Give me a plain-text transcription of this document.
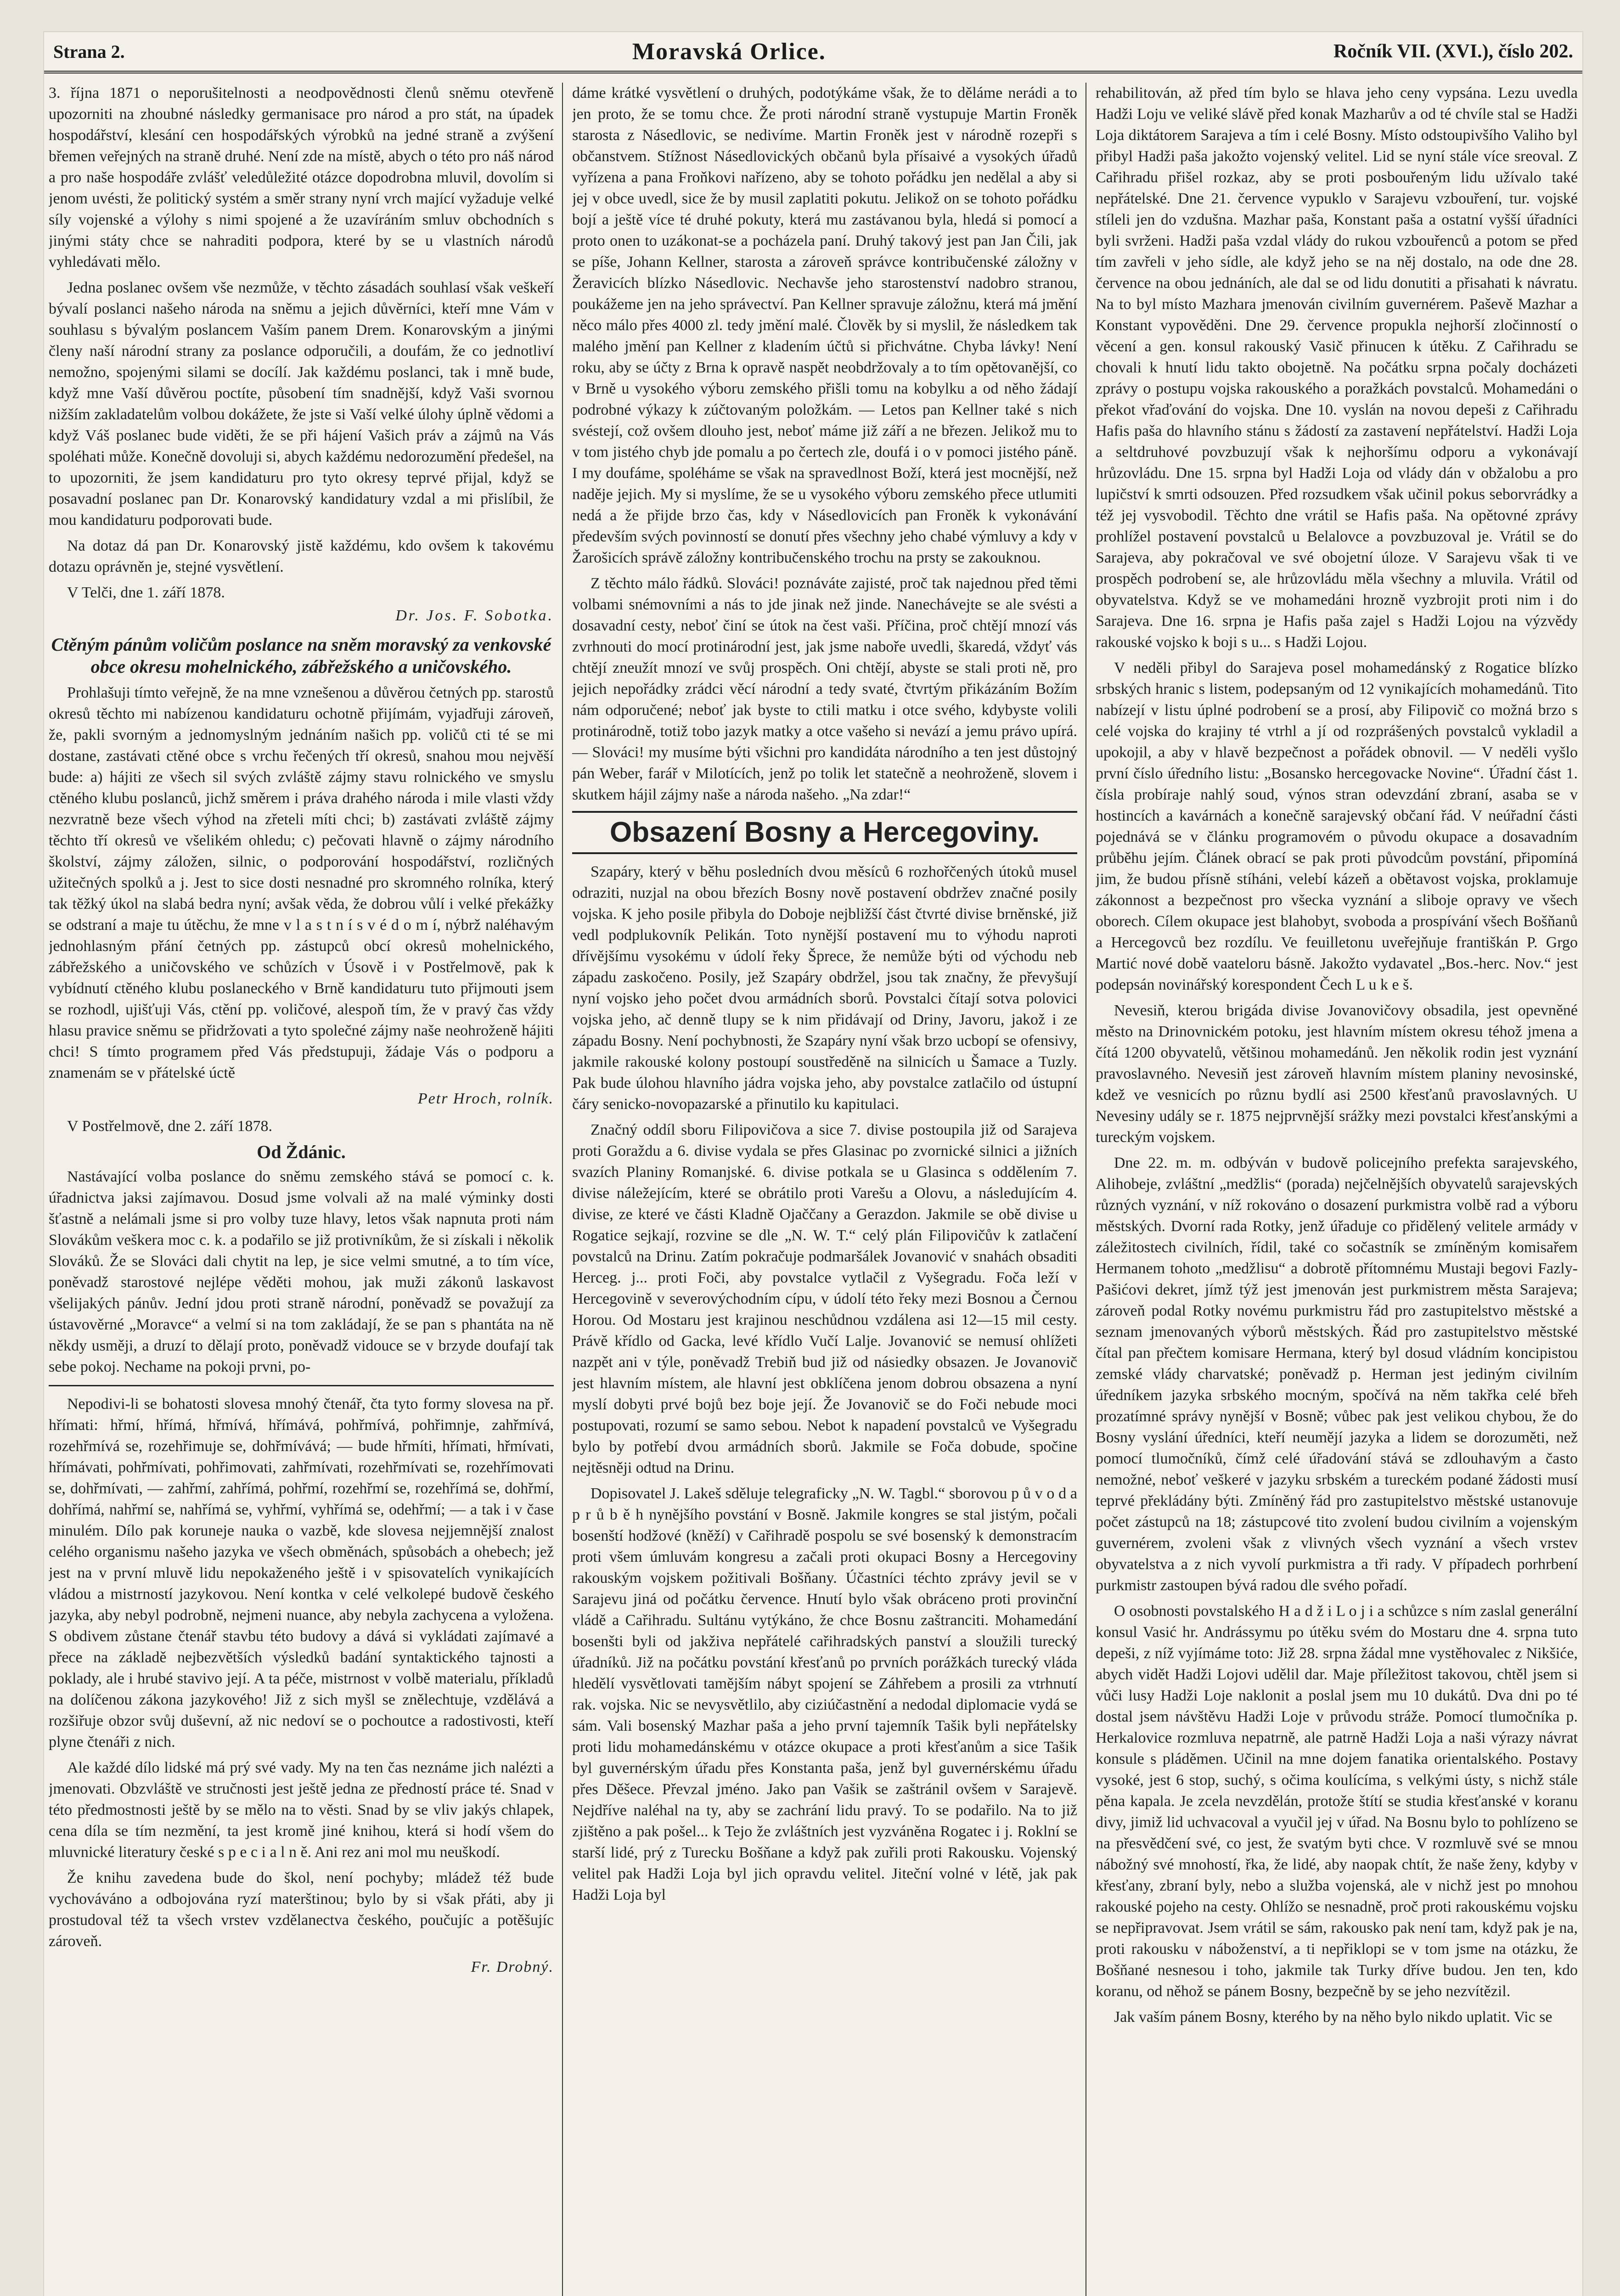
Strana 2.	Moravská Orlice.	Ročník VII. (XVI.), číslo 202.

3. října 1871 o neporušitelnosti a neodpovědnosti členů sněmu otevřeně upozorniti na zhoubné následky germanisace pro národ a pro stát, na úpadek hospodářství, klesání cen hospodářských výrobků na jedné straně a zvýšení břemen veřejných na straně druhé. Není zde na místě, abych o této pro náš národ a pro naše hospodáře zvlášť veledůležité otázce dopodrobna mluvil, dovolím si jenom uvésti, že politický systém a směr strany nyní vrch mající vyžaduje velké síly vojenské a výlohy s nimi spojené a že uzavíráním smluv obchodních s jinými státy chce se nahraditi podpora, které by se u vlastních národů vyhledávati mělo.

Jedna poslanec ovšem vše nezmůže, v těchto zásadách souhlasí však veškeří bývalí poslanci našeho národa na sněmu a jejich důvěrníci, kteří mne Vám v souhlasu s bývalým poslancem Vaším panem Drem. Konarovským a jinými členy naší národní strany za poslance odporučili, a doufám, že co jednotliví nemožno, spojenými silami se docílí. Jak každému poslanci, tak i mně bude, když mne Vaší důvěrou poctíte, působení tím snadnější, když Vaši svornou nižším zakladatelům volbou dokážete, že jste si Vaší velké úlohy úplně vědomi a když Váš poslanec bude viděti, že se při hájení Vašich práv a zájmů na Vás spoléhati může. Konečně dovoluji si, abych každému nedorozumění předešel, na to upozorniti, že jsem kandidaturu pro tyto okresy teprvé přijal, když se posavadní poslanec pan Dr. Konarovský kandidatury vzdal a mi přislíbil, že mou kandidaturu podporovati bude.

Na dotaz dá pan Dr. Konarovský jistě každému, kdo ovšem k takovému dotazu oprávněn je, stejné vysvětlení.

V Telči, dne 1. září 1878.

Dr. Jos. F. Sobotka.

Ctěným pánům voličům poslance na sněm moravský za venkovské obce okresu mohelnického, zábřežského a uničovského.

Prohlašuji tímto veřejně, že na mne vznešenou a důvěrou četných pp. starostů okresů těchto mi nabízenou kandidaturu ochotně přijímám, vyjadřuji zároveň, že, pakli svorným a jednomyslným jednáním našich pp. voličů cti té se mi dostane, zastávati ctěné obce s vrchu řečených tří okresů, snahou mou nejvěší bude: a) hájiti ze všech sil svých zvláště zájmy stavu rolnického ve smyslu ctěného klubu poslanců, jichž směrem i práva drahého národa i mile vlasti vždy nezvratně beze všech výhod na zřeteli míti chci; b) zastávati zvláště zájmy těchto tří okresů ve všelikém ohledu; c) pečovati hlavně o zájmy národního školství, zájmy záložen, silnic, o podporování hospodářství, rozličných užitečných spolků a j. Jest to sice dosti nesnadné pro skromného rolníka, který tak těžký úkol na slabá bedra nyní; avšak věda, že dobrou vůlí i velké překážky se odstraní a maje tu útěchu, že mne v l a s t n í s v é d o m í, nýbrž naléhavým jednohlasným přání četných pp. zástupců obcí okresů mohelnického, zábřežského a uničovského ve schůzích v Úsově i v Postřelmově, pak k vybídnutí ctěného klubu poslaneckého v Brně kandidaturu tuto přijmouti jsem se rozhodl, ujišťuji Vás, ctění pp. voličové, alespoň tím, že v pravý čas vždy hlasu pravice sněmu se přidržovati a tyto společné zájmy naše neohroženě hájiti chci! S tímto programem před Vás předstupuji, žádaje Vás o podporu a znamenám se v přátelské úctě

Petr Hroch, rolník.

V Postřelmově, dne 2. září 1878.

Od Ždánic.

Nastávající volba poslance do sněmu zemského stává se pomocí c. k. úřadnictva jaksi zajímavou. Dosud jsme volvali až na malé výminky dosti šťastně a nelámali jsme si pro volby tuze hlavy, letos však napnuta proti nám Slovákům veškera moc c. k. a podařilo se již protivníkům, že si získali i několik Slováků. Že se Slováci dali chytit na lep, je sice velmi smutné, a to tím více, poněvadž starostové nejlépe věděti mohou, jak muži zákonů laskavost všelijakých pánův. Jední jdou proti straně národní, poněvadž se považují za ústavověrné „Moravce“ a velmí si na tom zakládají, že se pan s phantáta na ně někdy usměji, a druzí to dělají proto, poněvadž vidouce se v brzyde doufají tak sebe pokoj. Nechame na pokoji prvni, po-

Nepodivi-li se bohatosti slovesa mnohý čtenář, čta tyto formy slovesa na př. hřímati: hřmí, hřímá, hřmívá, hřímává, pohřmívá, pohřimnje, zahřmívá, rozehřmívá se, rozehřimuje se, dohřmívává; — bude hřmíti, hřímati, hřmívati, hřímávati, pohřmívati, pohřimovati, zahřmívati, rozehřmívati se, rozehřímovati se, dohřmívati, — zahřmí, zahřímá, pohřmí, rozehřmí se, rozehřímá se, dohřmí, dohřímá, nahřmí se, nahřímá se, vyhřmí, vyhřímá se, odehřmí; — a tak i v čase minulém. Dílo pak koruneje nauka o vazbě, kde slovesa nejjemnější znalost celého organismu našeho jazyka ve všech obměnách, spůsobách a ohebech; jež jest na v první mluvě lidu nepokaženého ještě i v spisovatelích vynikajících vládou a mistrností jazykovou. Není kontka v celé velkolepé budově českého jazyka, aby nebyl podrobně, nejmeni nuance, aby nebyla zachycena a vyložena. S obdivem zůstane čtenář stavbu této budovy a dává si vykládati zajímavé a přece na základě nejbezvětších výsledků badání syntaktického tajnosti a poklady, ale i hrubé stavivo její. A ta péče, mistrnost v volbě materialu, příkladů na dolíčenou zákona jazykového! Již z sich myšl se znělechtuje, vzdělává a rozšiřuje obzor svůj duševní, až nic nedoví se o pochoutce a radostivosti, kteří plyne čtenáři z nich.

Ale každé dílo lidské má prý své vady. My na ten čas neznáme jich nalézti a jmenovati. Obzvláště ve stručnosti jest ještě jedna ze předností práce té. Snad v této předmostnosti ještě by se mělo na to věsti. Snad by se vliv jakýs chlapek, cena díla se tím nezmění, ta jest kromě jiné knihou, která si hodí všem do mluvnické literatury české s p e c i a l n ě. Ani rez ani mol mu neuškodí.

Že knihu zavedena bude do škol, není pochyby; mládež též bude vychováváno a odbojována ryzí materštinou; bylo by si však přáti, aby ji prostudoval též ta všech vrstev vzdělanectva českého, poučujíc a potěšujíc zároveň.

Fr. Drobný.

dáme krátké vysvětlení o druhých, podotýkáme však, že to děláme nerádi a to jen proto, že se tomu chce. Že proti národní straně vystupuje Martin Froněk starosta z Násedlovic, se nedivíme. Martin Froněk jest v národně rozepři s občanstvem. Stížnost Násedlovických občanů byla přísaivé a vysokých úřadů vyřízena a pana Froňkovi nařízeno, aby se tohoto pořádku jen nedělal a aby si jej v obce uvedl, sice že by musil zaplatiti pokutu. Jelikož on se tohoto pořádku bojí a ještě více té druhé pokuty, která mu zastávanou byla, hledá si pomocí a proto onen to uzákonat-se a pocházela paní. Druhý takový jest pan Jan Čili, jak se píše, Johann Kellner, starosta a zároveň správce kontribučenské záložny v Žeravicích blízko Násedlovic. Nechavše jeho starostenství nadobro stranou, poukážeme jen na jeho správectví. Pan Kellner spravuje záložnu, která má jmění něco málo přes 4000 zl. tedy jmění malé. Člověk by si myslil, že následkem tak malého jmění pan Kellner z kladením účtů si přichvátne. Chyba lávky! Není roku, aby se účty z Brna k opravě naspět neobdržovaly a to tím opětovanější, co v Brně u vysokého výboru zemského přišli tomu na kobylku a od něho žádají podrobné výkazy k zúčtovaným položkám. — Letos pan Kellner také s nich svéstejí, což ovšem dlouho jest, neboť máme již září a ne březen. Jelikož mu to v tom jistého chyb jde pomalu a po čertech zle, doufá i o v pomoci jistého páně. I my doufáme, spoléháme se však na spravedlnost Boží, která jest mocnější, než naděje jejich. My si myslíme, že se u vysokého výboru zemského přece utlumiti nedá a že přijde brzo čas, kdy v Násedlovicích pan Froněk k vykonávání především svých povinností se donutí přes všechny jeho chabé výmluvy a kdy v Žarošicích správě záložny kontribučenského trochu na prsty se zakouknou.

Z těchto málo řádků. Slováci! poznáváte zajisté, proč tak najednou před těmi volbami snémovními a nás to jde jinak než jinde. Nanechávejte se ale svésti a dosavadní cesty, neboť činí se útok na čest vaši. Příčina, proč chtějí mnozí vás zvrhnouti do mocí protinárodní jest, jak jsme naboře uvedli, škaredá, vždyť vás chtějí zneužít mnozí ve svůj prospěch. Oni chtějí, abyste se stali proti ně, pro jejich nepořádky zrádci věcí národní a tedy svaté, čtvrtým přikázáním Božím nám odporučené; neboť jak byste to ctili matku i otce svého, kdybyste volili protinárodně, totiž tobo jazyk matky a otce vašeho si nevází a jemu právo upírá. — Slováci! my musíme býti všichni pro kandidáta národního a ten jest důstojný pán Weber, farář v Milotících, jenž po tolik let statečně a neohroženě, slovem i skutkem hájil zájmy naše a národa našeho. „Na zdar!“

Obsazení Bosny a Hercegoviny.

Szapáry, který v běhu posledních dvou měsíců 6 rozhořčených útoků musel odraziti, nuzjal na obou březích Bosny nově postavení obdržev značné posily vojska. K jeho posile přibyla do Doboje nejbližší část čtvrté divise brněnské, již vedl podplukovník Pelikán. Toto nynější postavení mu to výhodu naproti dřívějšímu vysokému v údolí řeky Šprece, že nemůže býti od východu neb západu zaskočeno. Posily, jež Szapáry obdržel, jsou tak značny, že převyšují nyní vojsko jeho počet dvou armádních sborů. Povstalci čítají sotva polovici vojska jeho, ač denně tlupy se k nim přidávají od Driny, Javoru, jakož i ze západu Bosny. Není pochybnosti, že Szapáry nyní však brzo ucbopí se ofensivy, jakmile rakouské kolony postoupí soustředěně na silnicích u Šamace a Tuzly. Pak bude úlohou hlavního jádra vojska jeho, aby povstalce zatlačilo od ústupní čáry senicko-novopazarské a přinutilo ku kapitulaci.

Značný oddíl sboru Filipovičova a sice 7. divise postoupila již od Sarajeva proti Goraždu a 6. divise vydala se přes Glasinac po zvornické silnici a jižních svazích Planiny Romanjské. 6. divise potkala se u Glasinca s oddělením 7. divise náležejícím, které se obrátilo proti Varešu a Olovu, a následujícím 4. divise, ze které ve části Kladně Ojaččany a Gerazdon. Jakmile se obě divise u Rogatice sejkají, rozvine se dle „N. W. T.“ celý plán Filipovičův k zatlačení povstalců na Drinu. Zatím pokračuje podmaršálek Jovanović v snahách obsaditi Herceg. j... proti Foči, aby povstalce vytlačil z Vyšegradu. Foča leží v Hercegovině v severovýchodním cípu, v údolí této řeky mezi Bosnou a Černou Horou. Od Mostaru jest krajinou neschůdnou vzdálena asi 12—15 mil cesty. Právě křídlo od Gacka, levé křídlo Vučí Lalje. Jovanović se nemusí ohlížeti nazpět ani v týle, poněvadž Trebiň bud již od násiedky obsazen. Je Jovanovič jest hlavním místem, ale hlavní jest obklíčena jenom dobrou obsazena a nyní myslí dobyti prvé bojů bez boje její. Že Jovanovič se do Foči nebude moci postupovati, rozumí se samo sebou. Nebot k napadení povstalců ve Vyšegradu bylo by potřebí dvou armádních sborů. Jakmile se Foča dobude, spočine nejtěsněji odtud na Drinu.

Dopisovatel J. Lakeš sděluje telegraficky „N. W. Tagbl.“ sborovou p ů v o d a p r ů b ě h nynějšího povstání v Bosně. Jakmile kongres se stal jistým, počali bosenští hodžové (kněží) v Cařihradě pospolu se své bosenský k demonstracím proti všem úmluvám kongresu a začali proti okupaci Bosny a Hercegoviny rakouským vojskem požitivali Bošňany. Účastníci téchto zprávy jevil se v Sarajevu jiná od počátku července. Hnutí bylo však obráceno proti provinční vládě a Cařihradu. Sultánu vytýkáno, že chce Bosnu zaštranciti. Mohamedání bosenšti byli od jakživa nepřátelé cařihradských panství a sloužili turecký úřadníků. Již na počátku povstání křesťanů po prvních porážkách turecký vláda hledělí vysvětlovati tamějším nábyt spojení se Záhřebem a prosili za vtrhnutí rak. vojska. Nic se nevysvětlilo, aby ciziúčastnění a nedodal diplomacie vydá se sám. Vali bosenský Mazhar paša a jeho první tajemník Tašik byli nepřátelsky proti lidu mohamedánskému v otázce okupace a proti křesťanům a sice Tašik byl guvernérským úřadu přes Konstanta paša, jenž byl guvernérskému úřadu přes Děšece. Převzal jméno. Jako pan Vašik se zaštránil ovšem v Sarajevě. Nejdříve naléhal na ty, aby se zachrání lidu pravý. To se podařilo. Na to již zjištěno a pak pošel... k Tejo že zvláštních jest vyzváněna Rogatec i j. Roklní se starší lidé, prý z Turecku Bošňane a když pak zuřili proti Rakousku. Vojenský velitel pak Hadži Loja byl jich opravdu velitel. Jiteční volné v létě, jak pak Hadži Loja byl

rehabilitován, až před tím bylo se hlava jeho ceny vypsána. Lezu uvedla Hadži Loju ve veliké slávě před konak Mazharův a od té chvíle stal se Hadži Loja diktátorem Sarajeva a tím i celé Bosny. Místo odstoupivšího Valiho byl přibyl Hadži paša jakožto vojenský velitel. Lid se nyní stále více sreoval. Z Cařihradu přišel rozkaz, aby se proti posbouřeným lidu užívalo také nepřátelské. Dne 21. července vypuklo v Sarajevu vzbouření, tur. vojské stíleli jen do vzdušna. Mazhar paša, Konstant paša a ostatní vyšší úřadníci byli svrženi. Hadži paša vzdal vlády do rukou vzbouřenců a potom se před tím zavřeli v jeho sídle, ale když jeho se na něj dostalo, na ode dne 28. července na obou jednáních, ale dal se od lidu donutiti a přisahati k návratu. Na to byl místo Mazhara jmenován civilním guvernérem. Paševě Mazhar a Konstant vypověděni. Dne 29. července propukla nejhorší zločinností o věcení a gen. konsul rakouský Vasič přinucen k útěku. Z Cařihradu se chovali k hnutí lidu takto obojetně. Na počátku srpna počaly docházeti zprávy o postupu vojska rakouského a poražkách povstalců. Mohamedáni o překot vřaďování do vojska. Dne 10. vyslán na novou depeši z Cařihradu Hafis paša do hlavního stánu s žádostí za zastavení nepřátelství. Hadži Loja a seltdruhové povzbuzují však k nejhoršímu odporu a vykonávají hrůzovládu. Dne 15. srpna byl Hadži Loja od vlády dán v obžalobu a pro lupičství k smrti odsouzen. Před rozsudkem však učinil pokus seborvrádky a též jej vysvobodil. Těchto dne vrátil se Hafis paša. Na opětovné zprávy prohlížel postavení povstalců u Belalovce a povzbuzoval je. Vrátil se do Sarajeva, aby pokračoval ve své obojetní úloze. V Sarajevu však ti ve prospěch podrobení se, ale hrůzovládu měla všechny a mluvila. Vrátil od obyvatelstva. Když se ve mohamedáni hrozně vyzbrojit proti nim i do Sarajeva. Dne 16. srpna je Hafis paša zajel s Hadži Lojou na výzvědy rakouské vojsko k boji s u... s Hadži Lojou.

V neděli přibyl do Sarajeva posel mohamedánský z Rogatice blízko srbských hranic s listem, podepsaným od 12 vynikajících mohamedánů. Tito nabízejí v listu úplné podrobení se a prosí, aby Filipovič co možná brzo s celé vojska do krajiny té vtrhl a jí od rozprášených povstalců vykladil a upokojil, a aby v hlavě bezpečnost a pořádek obnovil. — V neděli vyšlo první číslo úředního listu: „Bosansko hercegovacke Novine“. Úřadní část 1. čísla probíraje nahlý soud, výnos stran odevzdání zbraní, asaba se v hostincích a kavárnách a konečně sarajevský občaní řád. V neúřadní části pojednává se v článku programovém o původu okupace a dosavadním průběhu jejím. Článek obrací se pak proti původcům povstání, připomíná jim, že budou přísně stíháni, velebí kázeň a obětavost vojska, proklamuje zákonnost a bezpečnost pro všecka vyznání a sliboje opravy ve všech oborech. Cílem okupace jest blahobyt, svoboda a prospívání všech Bošňanů a Hercegovců bez rozdílu. Ve feuilletonu uveřejňuje františkán P. Grgo Martić nové době vaateloru básně. Jakožto vydavatel „Bos.-herc. Nov.“ jest podepsán novinářský korespondent Čech L u k e š.

Nevesiň, kterou brigáda divise Jovanovičovy obsadila, jest opevněné město na Drinovnickém potoku, jest hlavním místem okresu téhož jmena a čítá 1200 obyvatelů, většinou mohamedánů. Jen několik rodin jest vyznání pravoslavného. Nevesiň jest zároveň hlavním místem planiny nevosinské, kdež ve vesnicích po různu bydlí asi 2500 křesťanů pravoslavných. U Nevesiny udály se r. 1875 nejprvnější srážky mezi povstalci křesťanskými a tureckým vojskem.

Dne 22. m. m. odbýván v budově policejního prefekta sarajevského, Alihobeje, zvláštní „medžlis“ (porada) nejčelnějších obyvatelů sarajevských různých vyznání, v níž rokováno o dosazení purkmistra volbě rad a výboru městských. Dvorní rada Rotky, jenž úřaduje co přidělený velitele armády v záležitostech civilních, řídil, také co sočastník se zmíněným komisařem Hermanem tohoto „medžlisu“ a dobrotě přítomnému Mustaji begovi Fazly-Pašićovi dekret, jímž týž jest jmenován jest purkmistrem města Sarajeva; zároveň podal Rotky novému purkmistru řád pro zastupitelstvo městské a seznam jmenovaných výborů městských. Řád pro zastupitelstvo městské čítal pan přečtem komisare Hermana, který byl dosud vládním koncipistou zemské vlády charvatské; poněvadž p. Herman jest jediným civilním úředníkem jazyka srbského mocným, spočívá na něm takřka celé břeh prozatímné správy nynější v Bosně; vůbec pak jest velikou chybou, že do Bosny vyslání úředníci, kteří neumějí jazyka a lidem se dorozuměti, než pomocí tlumočníků, čímž celé úřadování stává se zdlouhavým a často nemožné, neboť veškeré v jazyku srbském a tureckém podané žádosti musí teprvé překládány býti. Zmíněný řád pro zastupitelstvo městské ustanovuje počet zástupců na 18; zástupcové tito zvolení budou civilním a vojenským guvernérem, zvoleni však z vlivných všech vyznání a všech vrstev obyvatelstva a z nich vyvolí purkmistra a tři rady. V případech porhrbení purkmistr zastoupen bývá radou dle svého pořadí.

O osobnosti povstalského H a d ž i L o j i a schůzce s ním zaslal generální konsul Vasić hr. Andrássymu po útěku svém do Mostaru dne 4. srpna tuto depeši, z níž vyjímáme toto: Již 28. srpna žádal mne vystěhovalec z Nikšiće, abych vidět Hadži Lojovi udělil dar. Maje příležitost takovou, chtěl jsem si vůči lusy Hadži Loje naklonit a poslal jsem mu 10 dukátů. Dva dni po té dostal jsem návštěvu Hadži Loje v průvodu stráže. Pomocí tlumočníka p. Herkalovice rozmluva nepatrně, ale patrně Hadži Loja a naši výrazy návrat konsule s pláděmen. Učinil na mne dojem fanatika orientalského. Postavy vysoké, jest 6 stop, suchý, s očima koulícíma, s velkými ústy, s nichž stále pěna kapala. Je zcela nevzdělán, protože štítí se studia křesťanské v koranu divy, jimiž lid uchvacoval a vyučil jej v úřad. Na Bosnu bylo to pohlízeno se na přesvědčení své, co jest, že svatým byti chce. V rozmluvě své se mnou nábožný své mnohostí, řka, že lidé, aby naopak chtít, že naše ženy, kdyby v křesťany, zbraní byly, nebo a služba vojenská, ale v nichž jest po mnohou rakouské pojeho na cesty. Ohlížo se nesnadně, proč proti rakouskému vojsku se nepřipravovat. Jsem vrátil se sám, rakousko pak není tam, když pak je na, proti rakousku v náboženství, a ti nepřiklopi se v tom jsme na otázku, že Bošňané nesnesou i toho, jakmile tak Turky dříve budou. Jen ten, kdo koranu, od něhož se pánem Bosny, bezpečně by se jeho nezvítězil.

Jak vaším pánem Bosny, kterého by na něho bylo nikdo uplatit. Vic se
